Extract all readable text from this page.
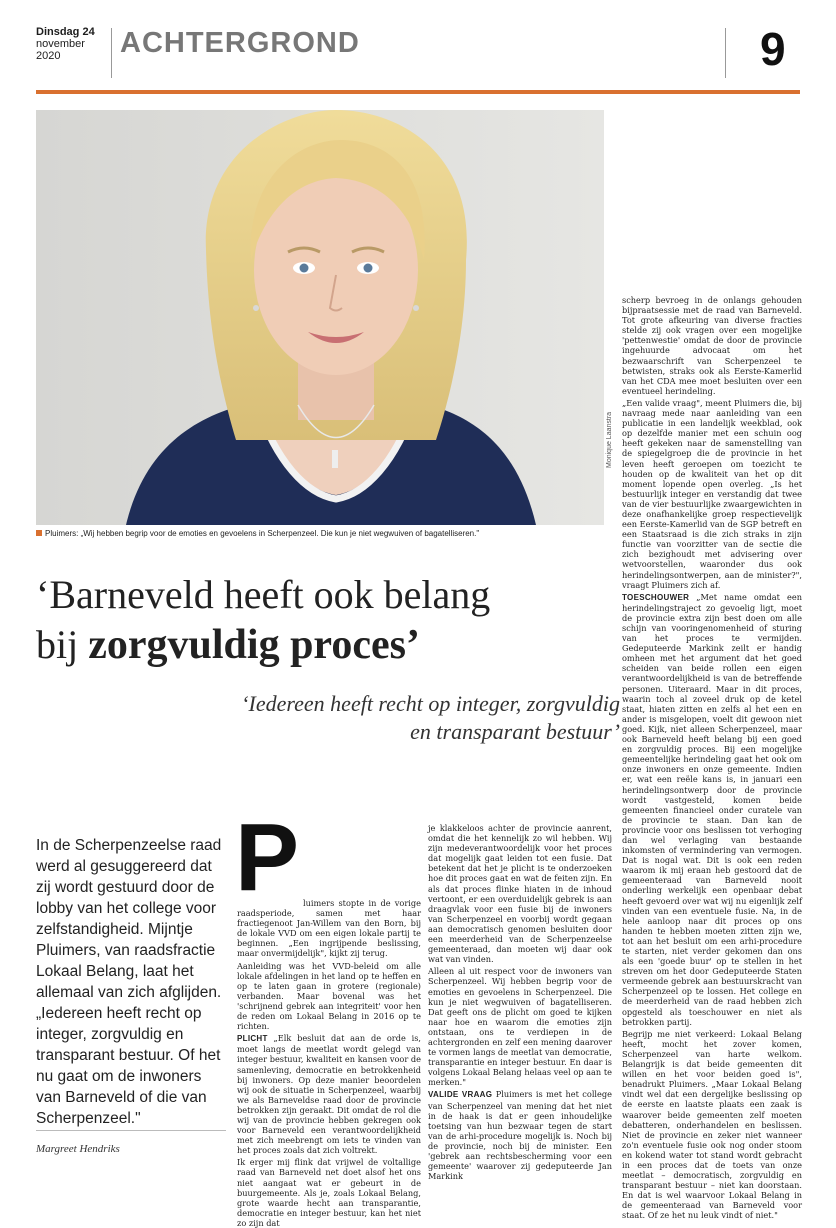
Dinsdag 24
november 2020	ACHTERGROND	9
Monique Laanstra
Pluimers: „Wij hebben begrip voor de emoties en gevoelens in Scherpenzeel. Die kun je niet wegwuiven of bagatelliseren."
‘Barneveld heeft ook belang
bij zorgvuldig proces’
‘Iedereen heeft recht op integer, zorgvuldig en transparant bestuur’
In de Scherpenzeelse raad werd al gesuggereerd dat zij wordt gestuurd door de lobby van het college voor zelfstandigheid. Mijntje Pluimers, van raadsfractie Lokaal Belang, laat het allemaal van zich afglijden. „Iedereen heeft recht op integer, zorgvuldig en transparant bestuur. Of het nu gaat om de inwoners van Barneveld of die van Scherpenzeel."
Margreet Hendriks
P luimers stopte in de vorige raadsperiode, samen met haar fractiegenoot Jan-Willem van den Born, bij de lokale VVD om een eigen lokale partij te beginnen. „Een ingrijpende beslissing, maar onvermijdelijk", kijkt zij terug.

Aanleiding was het VVD-beleid om alle lokale afdelingen in het land op te heffen en op te laten gaan in grotere (regionale) verbanden. Maar bovenal was het 'schrijnend gebrek aan integriteit' voor hen de reden om Lokaal Belang in 2016 op te richten.

PLICHT „Elk besluit dat aan de orde is, moet langs de meetlat wordt gelegd van integer bestuur, kwaliteit en kansen voor de samenleving, democratie en betrokkenheid bij inwoners. Op deze manier beoordelen wij ook de situatie in Scherpenzeel, waarbij we als Barneveldse raad door de provincie betrokken zijn geraakt. Dit omdat de rol die wij van de provincie hebben gekregen ook voor Barneveld een verantwoordelijkheid met zich meebrengt om iets te vinden van het proces zoals dat zich voltrekt.

Ik erger mij flink dat vrijwel de voltallige raad van Barneveld net doet alsof het ons niet aangaat wat er gebeurt in de buurgemeente. Als je, zoals Lokaal Belang, grote waarde hecht aan transparantie, democratie en integer bestuur, kan het niet zo zijn dat

je klakkeloos achter de provincie aanrent, omdat die het kennelijk zo wil hebben. Wij zijn medeverantwoordelijk voor het proces dat mogelijk gaat leiden tot een fusie. Dat betekent dat het je plicht is te onderzoeken hoe dit proces gaat en wat de feiten zijn. En als dat proces flinke hiaten in de inhoud vertoont, er een overduidelijk gebrek is aan draagvlak voor een fusie bij de inwoners van Scherpenzeel en voorbij wordt gegaan aan democratisch genomen besluiten door een meerderheid van de Scherpenzeelse gemeenteraad, dan moeten wij daar ook wat van vinden.

Alleen al uit respect voor de inwoners van Scherpenzeel. Wij hebben begrip voor de emoties en gevoelens in Scherpenzeel. Die kun je niet wegwuiven of bagatelliseren. Dat geeft ons de plicht om goed te kijken naar hoe en waarom die emoties zijn ontstaan, ons te verdiepen in de achtergronden en zelf een mening daarover te vormen langs de meetlat van democratie, transparantie en integer bestuur. En daar is volgens Lokaal Belang helaas veel op aan te merken."

VALIDE VRAAG Pluimers is met het college van Scherpenzeel van mening dat het niet in de haak is dat er geen inhoudelijke toetsing van hun bezwaar tegen de start van de arhi-procedure mogelijk is. Noch bij de provincie, noch bij de minister. Een 'gebrek aan rechtsbescherming voor een gemeente' waarover zij gedeputeerde Jan Markink

scherp bevroeg in de onlangs gehouden bijpraatsessie met de raad van Barneveld. Tot grote afkeuring van diverse fracties stelde zij ook vragen over een mogelijke 'pettenwestie' omdat de door de provincie ingehuurde advocaat om het bezwaarschrift van Scherpenzeel te betwisten, straks ook als Eerste-Kamerlid van het CDA mee moet besluiten over een eventueel herindeling.

„Een valide vraag", meent Pluimers die, bij navraag mede naar aanleiding van een publicatie in een landelijk weekblad, ook op dezelfde manier met een schuin oog heeft gekeken naar de samenstelling van de spiegelgroep die de provincie in het leven heeft geroepen om toezicht te houden op de kwaliteit van het op dit moment lopende open overleg. „Is het bestuurlijk integer en verstandig dat twee van de vier bestuurlijke zwaargewichten in deze onafhankelijke groep respectievelijk een Eerste-Kamerlid van de SGP betreft en een Staatsraad is die zich straks in zijn functie van voorzitter van de sectie die zich bezighoudt met advisering over wetvoorstellen, waaronder dus ook herindelingsontwerpen, aan de minister?", vraagt Pluimers zich af.

TOESCHOUWER „Met name omdat een herindelingstraject zo gevoelig ligt, moet de provincie extra zijn best doen om alle schijn van vooringenomenheid of sturing van het proces te vermijden. Gedeputeerde Markink zeilt er handig omheen met het argument dat het goed scheiden van beide rollen een eigen verantwoordelijkheid is van de betreffende personen. Uiteraard. Maar in dit proces, waarin toch al zoveel druk op de ketel staat, hiaten zitten en zelfs al het een en ander is misgelopen, voelt dit gewoon niet goed. Kijk, niet alleen Scherpenzeel, maar ook Barneveld heeft belang bij een goed en zorgvuldig proces. Bij een mogelijke gemeentelijke herindeling gaat het ook om onze inwoners en onze gemeente. Indien er, wat een reële kans is, in januari een herindelingsontwerp door de provincie wordt vastgesteld, komen beide gemeenten financieel onder curatele van de provincie te staan. Dan kan de provincie voor ons beslissen tot verhoging dan wel verlaging van bestaande inkomsten of vermindering van vermogen. Dat is nogal wat. Dit is ook een reden waarom ik mij eraan heb gestoord dat de gemeenteraad van Barneveld nooit onderling werkelijk een openbaar debat heeft gevoerd over wat wij nu eigenlijk zelf vinden van een eventuele fusie. Na, in de hele aanloop naar dit proces op ons handen te hebben moeten zitten zijn we, tot aan het besluit om een arhi-procedure te starten, niet verder gekomen dan ons als een 'goede buur' op te stellen in het streven om het door Gedeputeerde Staten vermeende gebrek aan bestuurskracht van Scherpenzeel op te lossen. Het college en de meerderheid van de raad hebben zich opgesteld als toeschouwer en niet als betrokken partij.

Begrijp me niet verkeerd: Lokaal Belang heeft, mocht het zover komen, Scherpenzeel van harte welkom. Belangrijk is dat beide gemeenten dit willen en het voor beiden goed is", benadrukt Pluimers. „Maar Lokaal Belang vindt wel dat een dergelijke beslissing op de eerste en laatste plaats een zaak is waarover beide gemeenten zelf moeten debatteren, onderhandelen en beslissen. Niet de provincie en zeker niet wanneer zo'n eventuele fusie ook nog onder stoom en kokend water tot stand wordt gebracht in een proces dat de toets van onze meetlat – democratisch, zorgvuldig en transparant bestuur – niet kan doorstaan. En dat is wel waarvoor Lokaal Belang in de gemeenteraad van Barneveld voor staat. Of ze het nu leuk vindt of niet."
